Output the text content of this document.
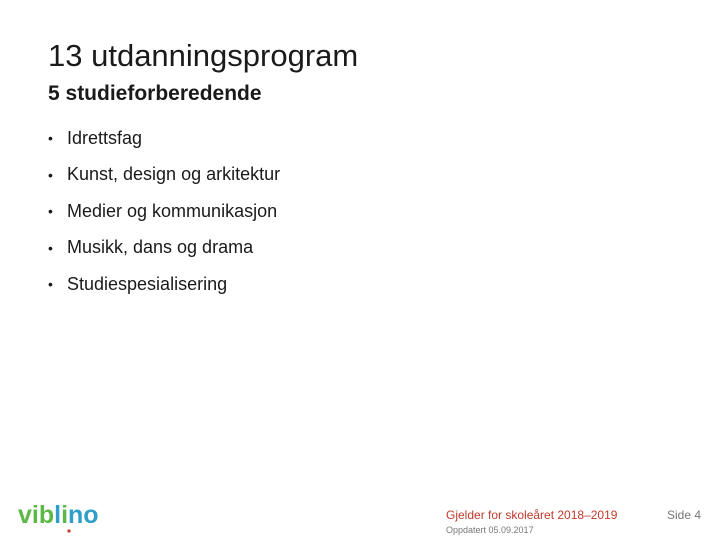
13 utdanningsprogram
5 studieforberedende
• Idrettsfag
• Kunst, design og arkitektur
• Medier og kommunikasjon
• Musikk, dans og drama
• Studiespesialisering
viblino	Gjelder for skoleåret 2018–2019
Oppdatert 05.09.2017
Side 4
